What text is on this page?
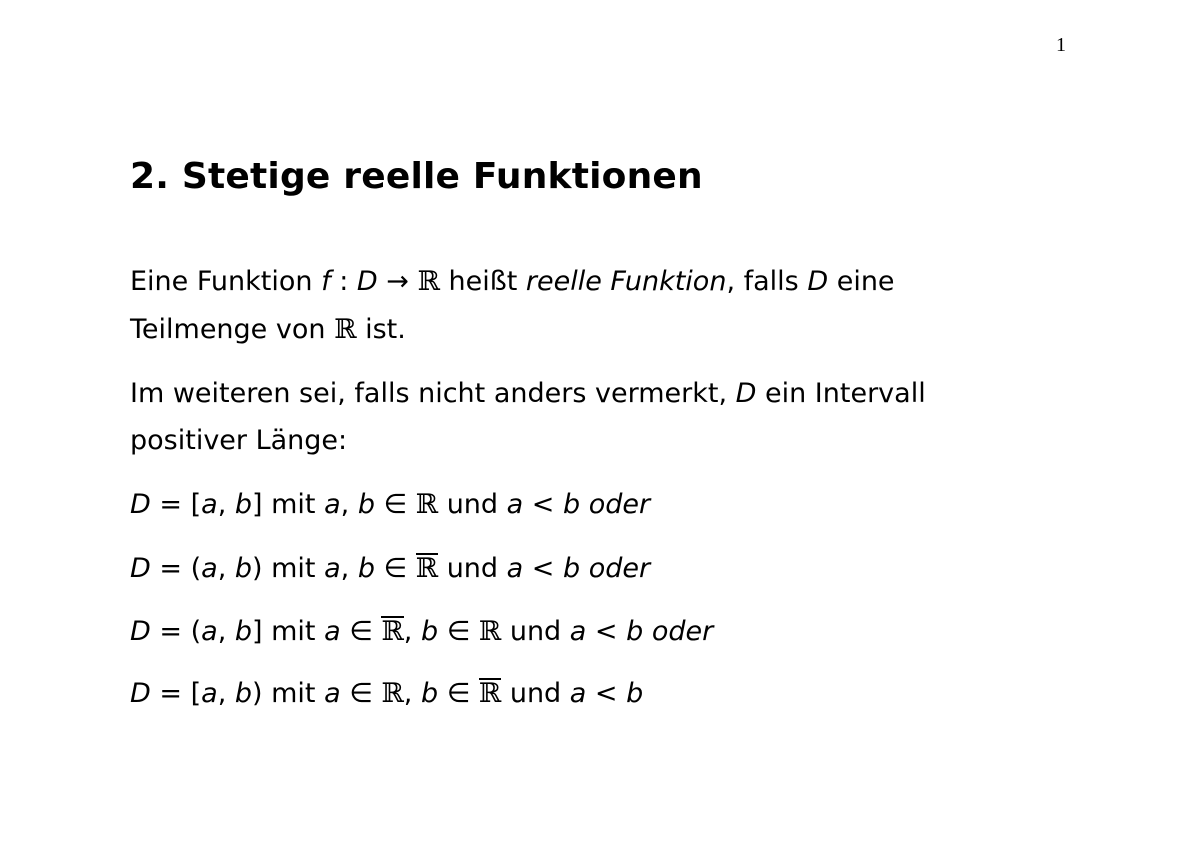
1
2. Stetige reelle Funktionen
Eine Funktion f : D → ℝ heißt reelle Funktion, falls D eine
Teilmenge von ℝ ist.
Im weiteren sei, falls nicht anders vermerkt, D ein Intervall
positiver Länge:
D = [a, b] mit a, b ∈ ℝ und a < b oder
D = (a, b) mit a, b ∈ ℝ und a < b oder
D = (a, b] mit a ∈ ℝ, b ∈ ℝ und a < b oder
D = [a, b) mit a ∈ ℝ, b ∈ ℝ und a < b
